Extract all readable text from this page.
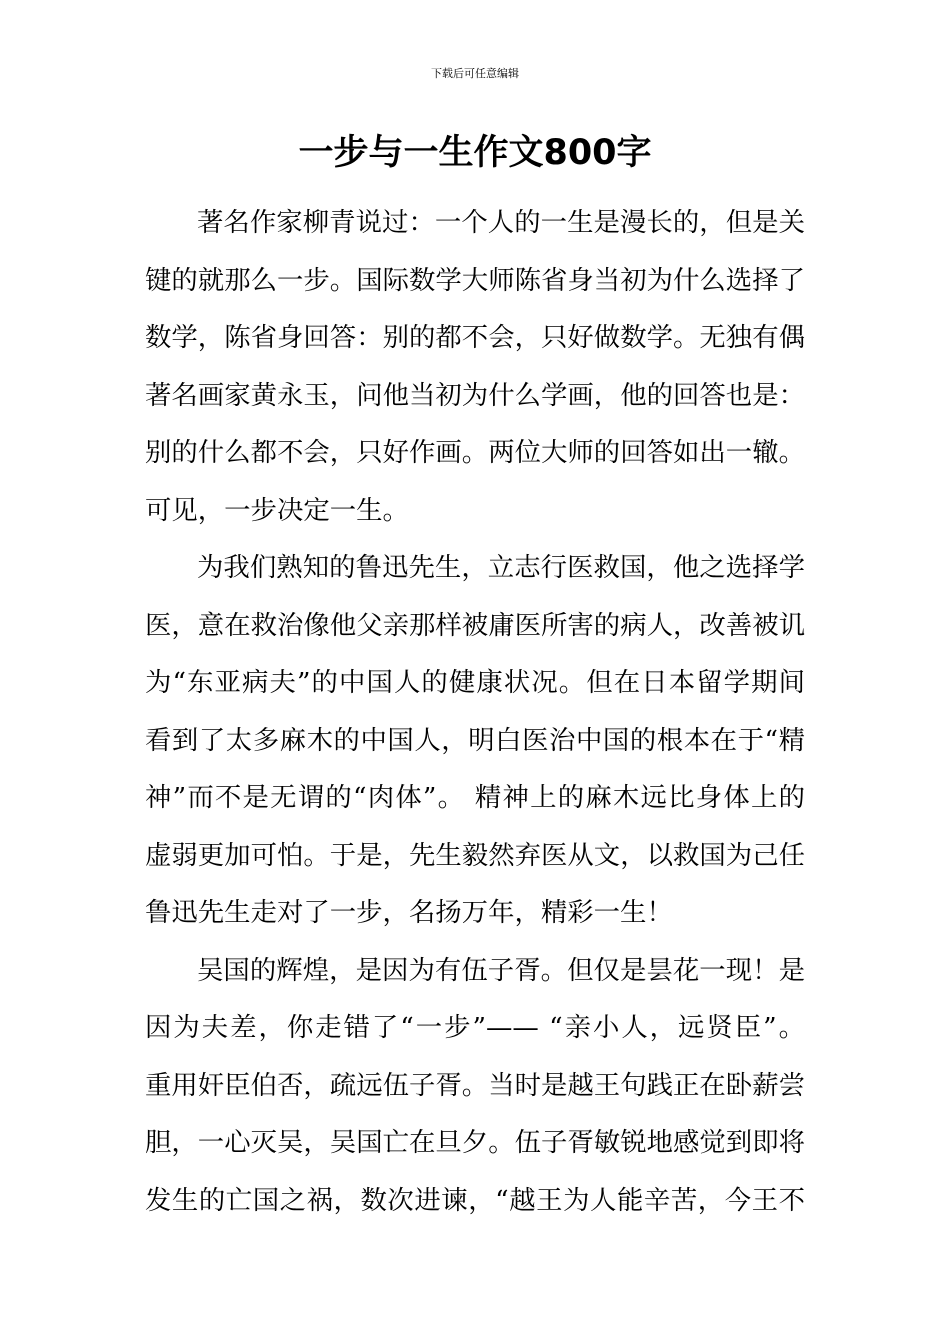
下载后可任意编辑
一步与一生作文800字
著名作家柳青说过：一个人的一生是漫长的，但是关
键的就那么一步。国际数学大师陈省身当初为什么选择了
数学，陈省身回答：别的都不会，只好做数学。无独有偶
著名画家黄永玉，问他当初为什么学画，他的回答也是：
别的什么都不会，只好作画。两位大师的回答如出一辙。
可见，一步决定一生。
为我们熟知的鲁迅先生，立志行医救国，他之选择学
医，意在救治像他父亲那样被庸医所害的病人，改善被讥
为“东亚病夫”的中国人的健康状况。但在日本留学期间
看到了太多麻木的中国人，明白医治中国的根本在于“精
神”而不是无谓的“肉体”。 精神上的麻木远比身体上的
虚弱更加可怕。于是，先生毅然弃医从文，以救国为己任
鲁迅先生走对了一步，名扬万年，精彩一生！
吴国的辉煌，是因为有伍子胥。但仅是昙花一现！是
因为夫差，你走错了“一步”—— “亲小人，远贤臣”。
重用奸臣伯否，疏远伍子胥。当时是越王句践正在卧薪尝
胆，一心灭吴，吴国亡在旦夕。伍子胥敏锐地感觉到即将
发生的亡国之祸，数次进谏，“越王为人能辛苦，今王不
